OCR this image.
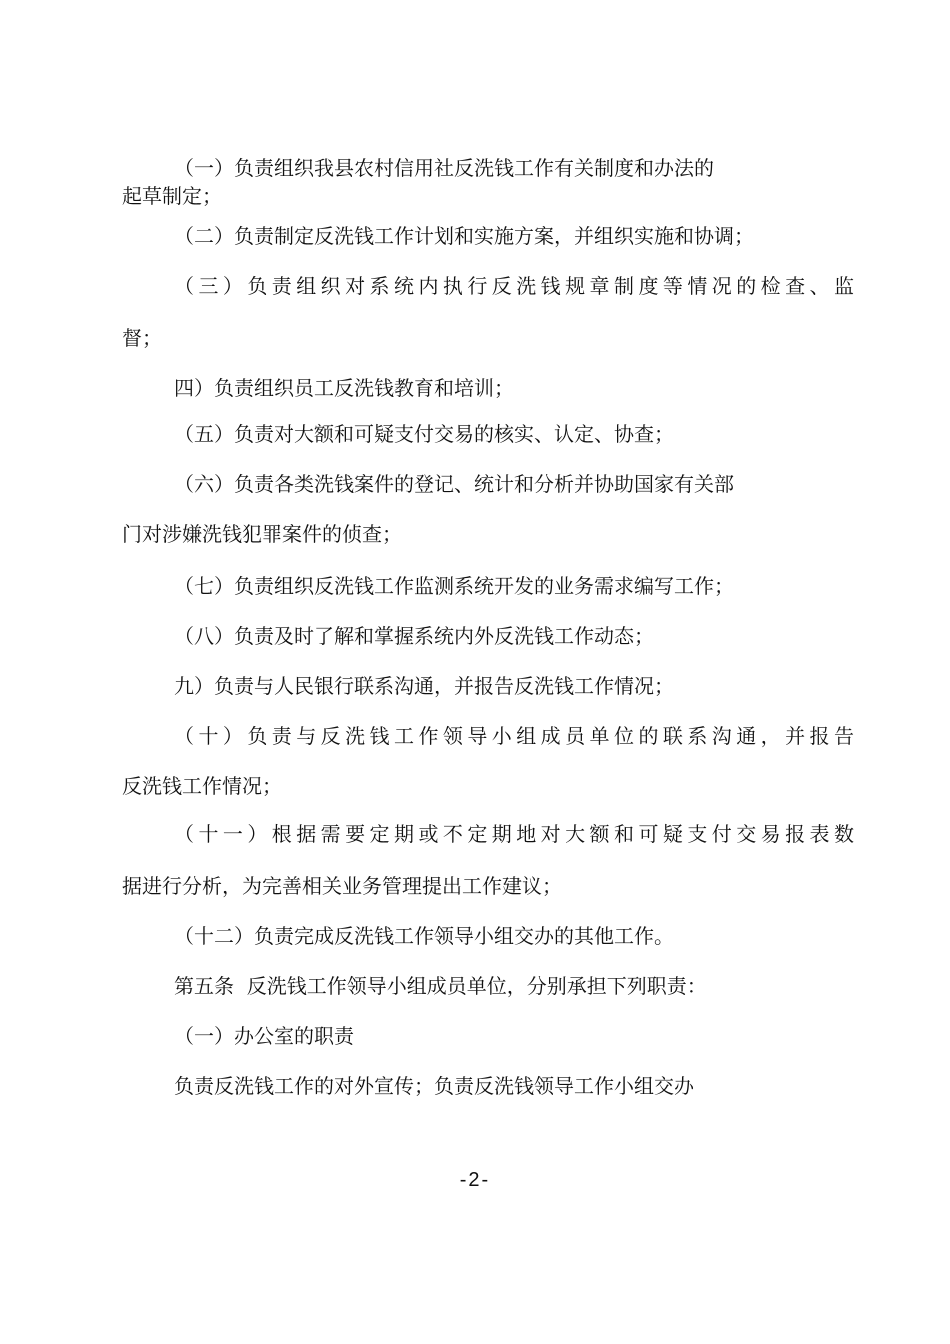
（一）负责组织我县农村信用社反洗钱工作有关制度和办法的
起草制定；
（二）负责制定反洗钱工作计划和实施方案，并组织实施和协调；
（三）负责组织对系统内执行反洗钱规章制度等情况的检查、监
督；
四）负责组织员工反洗钱教育和培训；
（五）负责对大额和可疑支付交易的核实、认定、协查；
（六）负责各类洗钱案件的登记、统计和分析并协助国家有关部
门对涉嫌洗钱犯罪案件的侦查；
（七）负责组织反洗钱工作监测系统开发的业务需求编写工作；
（八）负责及时了解和掌握系统内外反洗钱工作动态；
九）负责与人民银行联系沟通，并报告反洗钱工作情况；
（十）负责与反洗钱工作领导小组成员单位的联系沟通，并报告
反洗钱工作情况；
（十一）根据需要定期或不定期地对大额和可疑支付交易报表数
据进行分析，为完善相关业务管理提出工作建议；
（十二）负责完成反洗钱工作领导小组交办的其他工作。
第五条  反洗钱工作领导小组成员单位，分别承担下列职责：
（一）办公室的职责
负责反洗钱工作的对外宣传；负责反洗钱领导工作小组交办
-2-
